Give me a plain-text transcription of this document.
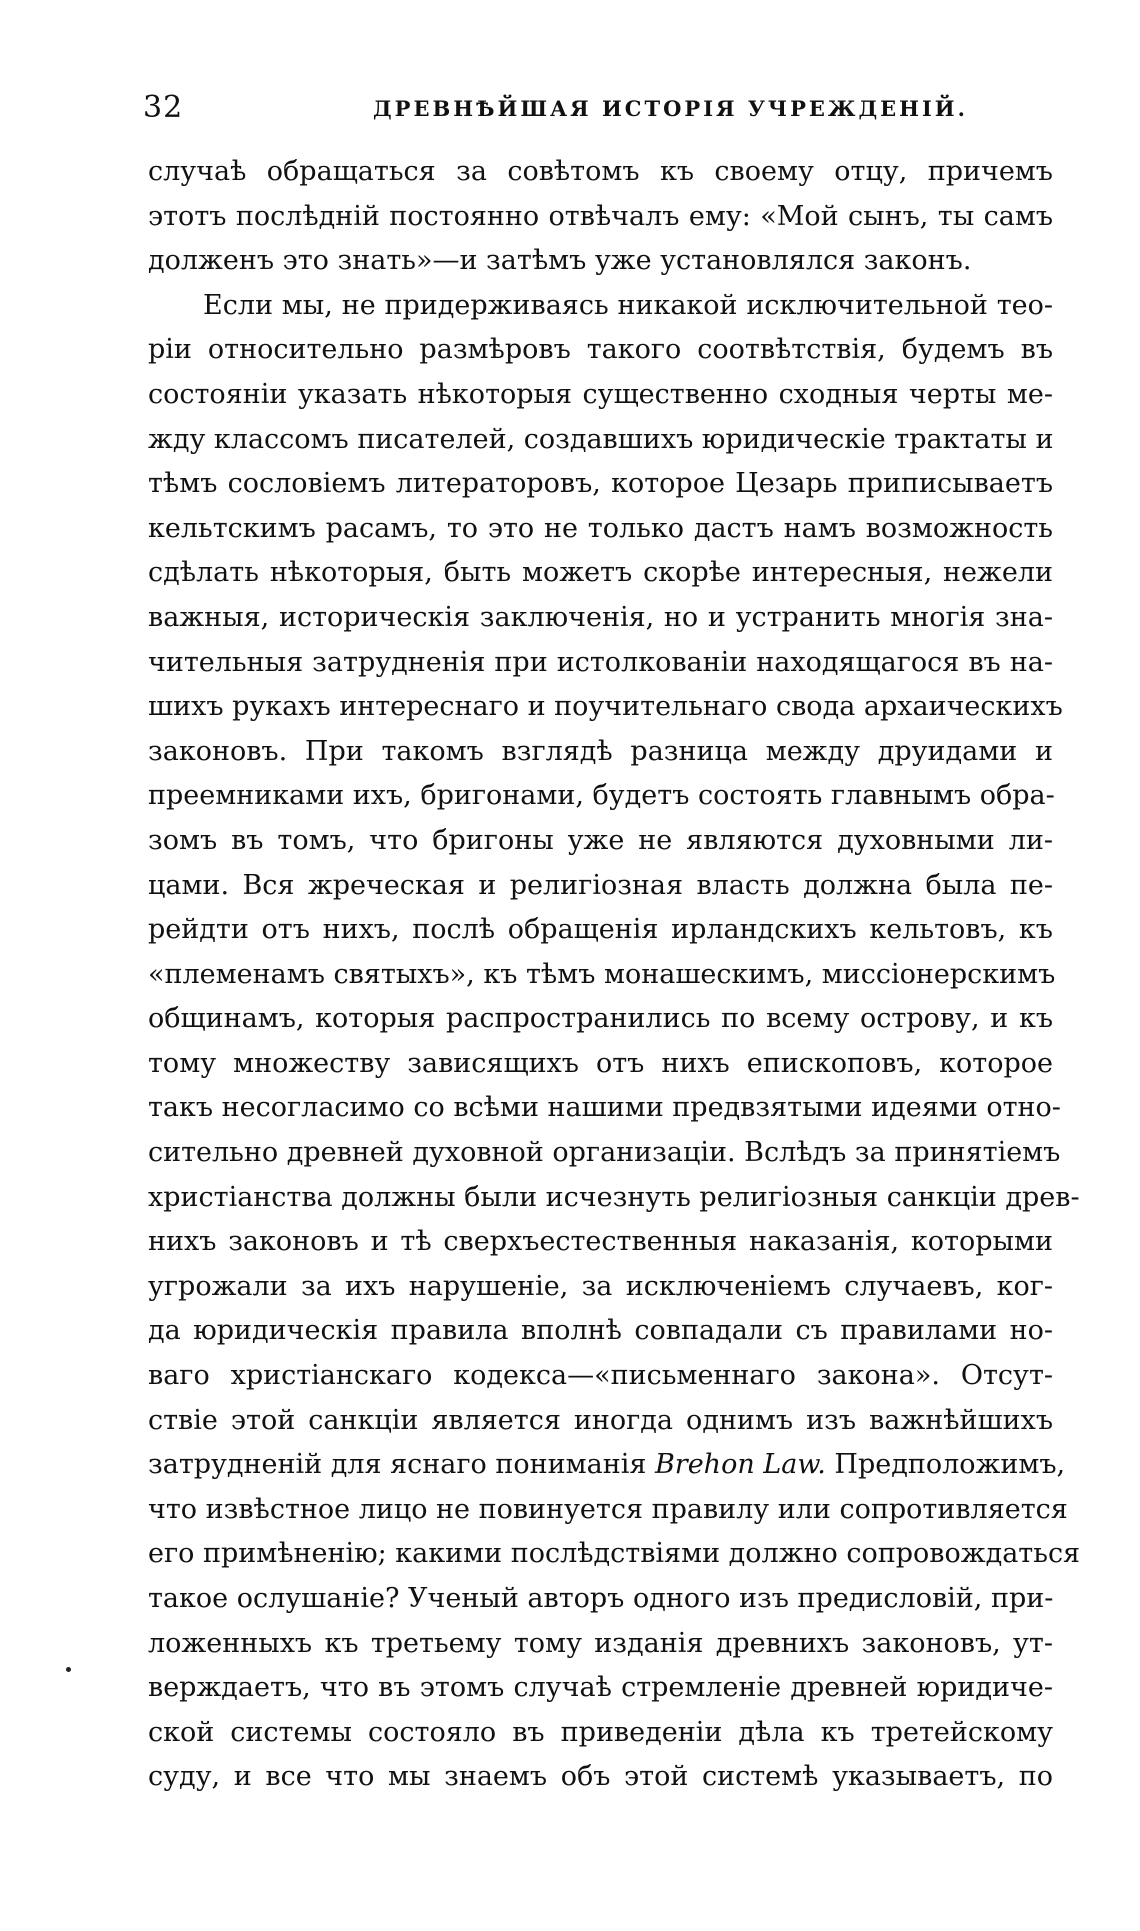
32	ДРЕВНѢЙШАЯ ИСТОРІЯ УЧРЕЖДЕНІЙ.
случаѣ обращаться за совѣтомъ къ своему отцу, причемъ
этотъ послѣдній постоянно отвѣчалъ ему: «Мой сынъ, ты самъ
долженъ это знать»—и затѣмъ уже установлялся законъ.
Если мы, не придерживаясь никакой исключительной тео-
ріи относительно размѣровъ такого соотвѣтствія, будемъ въ
состояніи указать нѣкоторыя существенно сходныя черты ме-
жду классомъ писателей, создавшихъ юридическіе трактаты и
тѣмъ сословіемъ литераторовъ, которое Цезарь приписываетъ
кельтскимъ расамъ, то это не только дастъ намъ возможность
сдѣлать нѣкоторыя, быть можетъ скорѣе интересныя, нежели
важныя, историческія заключенія, но и устранить многія зна-
чительныя затрудненія при истолкованіи находящагося въ на-
шихъ рукахъ интереснаго и поучительнаго свода архаическихъ
законовъ. При такомъ взглядѣ разница между друидами и
преемниками ихъ, бригонами, будетъ состоять главнымъ обра-
зомъ въ томъ, что бригоны уже не являются духовными ли-
цами. Вся жреческая и религіозная власть должна была пе-
рейдти отъ нихъ, послѣ обращенія ирландскихъ кельтовъ, къ
«племенамъ святыхъ», къ тѣмъ монашескимъ, миссіонерскимъ
общинамъ, которыя распространились по всему острову, и къ
тому множеству зависящихъ отъ нихъ епископовъ, которое
такъ несогласимо со всѣми нашими предвзятыми идеями отно-
сительно древней духовной организаціи. Вслѣдъ за принятіемъ
христіанства должны были исчезнуть религіозныя санкціи древ-
нихъ законовъ и тѣ сверхъестественныя наказанія, которыми
угрожали за ихъ нарушеніе, за исключеніемъ случаевъ, ког-
да юридическія правила вполнѣ совпадали съ правилами но-
ваго христіанскаго кодекса—«письменнаго закона». Отсут-
ствіе этой санкціи является иногда однимъ изъ важнѣйшихъ
затрудненій для яснаго пониманія Brehon Law. Предположимъ,
что извѣстное лицо не повинуется правилу или сопротивляется
его примѣненію; какими послѣдствіями должно сопровождаться
такое ослушаніе? Ученый авторъ одного изъ предисловій, при-
ложенныхъ къ третьему тому изданія древнихъ законовъ, ут-
верждаетъ, что въ этомъ случаѣ стремленіе древней юридиче-
ской системы состояло въ приведеніи дѣла къ третейскому
суду, и все что мы знаемъ объ этой системѣ указываетъ, по
